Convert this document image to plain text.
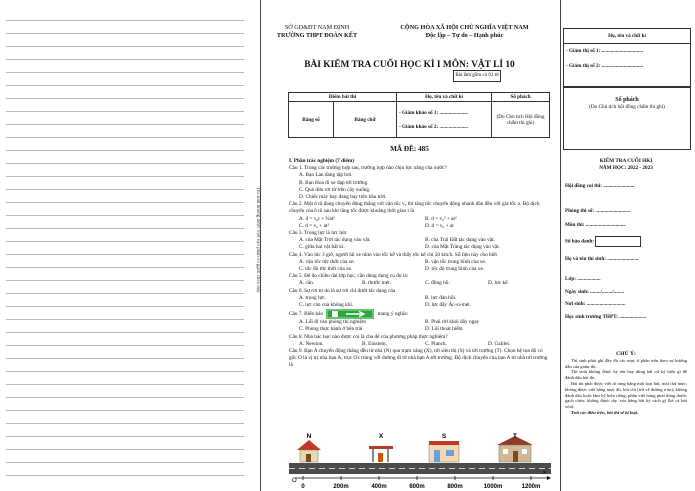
Thí sinh không được viết vào phần có gạch chéo này
SỞ GD&ĐT NAM ĐỊNH
TRƯỜNG THPT ĐOÀN KẾT
CỘNG HÒA XÃ HỘI CHỦ NGHĨA VIỆT NAM
Độc lập – Tự do – Hạnh phúc
BÀI KIỂM TRA CUỐI HỌC KÌ I MÔN: VẬT LÍ 10
Bài làm gồm có 01 tờ
Điểm bài thi		Họ, tên và chữ kí	Số phách
Bằng số	Bằng chữ	- Giám khảo số 1: ......................
- Giám khảo số 2: ......................	(Do Chủ tịch Hội đồng chấm thi ghi)
MÃ ĐỀ: 485
I. Phần trắc nghiệm (7 điểm)
Câu 1. Trong các trường hợp sau, trường hợp nào chịu lực nâng của nước?
A. Bạn Lan đang tập bơi.
B. Bạn Hoa đi xe đạp tới trường.
C. Quả dừa rơi từ trên cây xuống.
D. Chiếc máy bay đang bay trên bầu trời.
Câu 2. Một ô tô đang chuyển động thẳng với vận tốc v₀ thì tăng tốc chuyển động nhanh dần đều với gia tốc a. Độ dịch chuyển của ô tô sau khi tăng tốc được khoảng thời gian t là
A. d = v₀t + ½at²	B. d = v₀² + at²
C. d = v₀ + at²	D. d = v₀ + at
Câu 3. Trọng lực là lực hút
A. của Mặt Trời tác dụng vào vật.	B. của Trái Đất tác dụng vào vật.
C. giữa hai vật bất kì.	D. của Mặt Trăng tác dụng vào vật.
Câu 4. Vào lúc 3 giờ, người lái xe nhìn vào tốc kế và thấy tốc kế chỉ 50 km/h. Số liệu này cho biết
A. vận tốc tức thời của xe.	B. vận tốc trung bình của xe.
C. tốc độ tức thời của xe.	D. tốc độ trung bình của xe.
Câu 5. Để đo chiều dài lớp học, cần dùng dụng cụ đo là:
A. cân.	B. thước mét.	C. đồng hồ.	D. lực kế.
Câu 6. Sự rơi tự do là sự rơi chỉ dưới tác dụng của
A. trọng lực.	B. lực đàn hồi.
C. lực cản của không khí.	D. lực đẩy Ác-si-mét.
Câu 7. Biển báo	mang ý nghĩa:
A. Lối đi vào phòng thí nghiệm	B. Phải rời khỏi đây ngay
C. Phòng thực hành ở bên trái	D. Lối thoát hiểm
Câu 8. Nhà bác học nào được coi là cha đẻ của phương pháp thực nghiệm?
A. Newton.	B. Einstein.	C. Planck.	D. Galilei.
Câu 9. Bạn A chuyển động thẳng đều từ nhà (N) qua trạm xăng (X), tới siêu thị (S) và tới trường (T). Chọn hệ tọa độ có gốc O là vị trí nhà bạn A, trục Ox trùng với đường đi từ nhà bạn A tới trường. Độ dịch chuyển của bạn A từ nhà tới trường là
0	200m	400m	600m	800m	1000m	1200m
O
x
N	X	S	T
Họ, tên và chữ kí
- Giám thị số 1: ................................
- Giám thị số 2: ................................
Số phách
(Do Chủ tịch hội đồng chấm thi ghi)
KIỂM TRA CUỐI HKI
NĂM HỌC: 2022 - 2023
Hội đồng coi thi: ........................
Phòng thi số: ...........................
Môn thi: ...............................
Số báo danh:
Họ và tên thí sinh: ........................
Lớp: ..................
Ngày sinh: ......../......../........
Nơi sinh: ..............................
Học sinh trường THPT: .....................
CHÚ Ý:
Thí sinh phải ghi đầy đủ các mục ở phần trên theo sự hướng dẫn của giám thị.
Thí sinh không được ký tên hay dùng bất cứ ký hiệu gì để đánh dấu bài thi.
Bài thi phải được viết rõ ràng bằng một loại bút, một thứ mực; không được viết bằng mực đỏ, bút chì (trừ vẽ đường tròn); không đánh dấu hoặc làm ký hiệu riêng; phần viết hỏng phải dùng thước gạch chéo; không được tẩy, xóa bằng bất kỳ cách gì (kể cả bút xóa).
Trái các điều trên, bài thi sẽ bị loại.
